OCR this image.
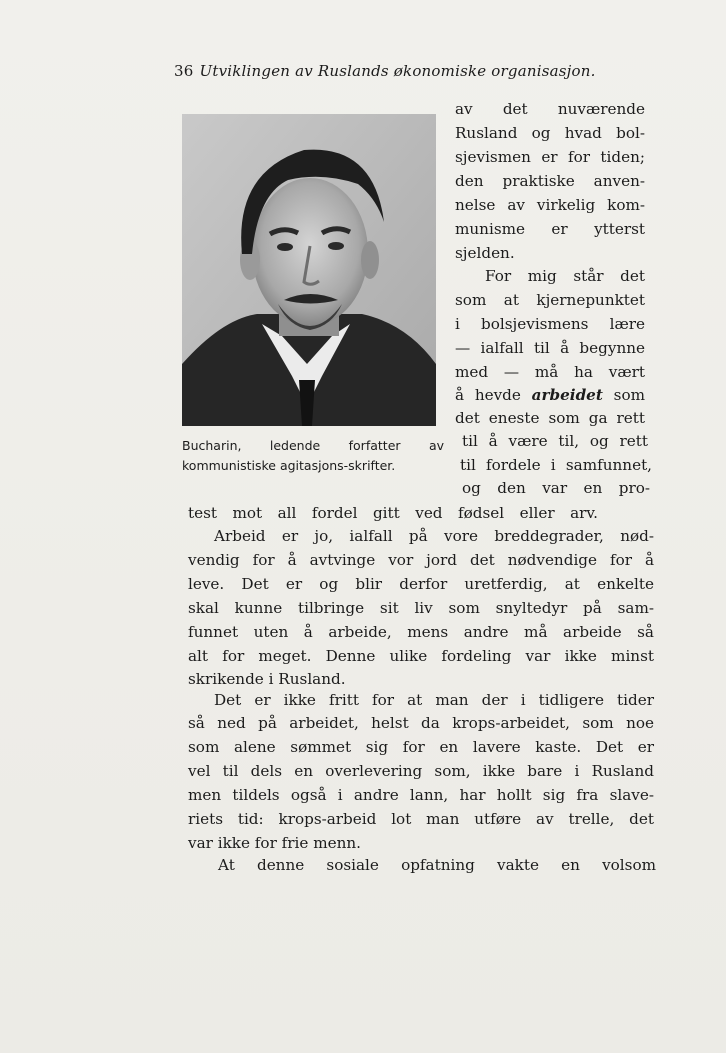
36 Utviklingen av Ruslands økonomiske organisasjon.
Bucharin, ledende forfatter av
kommunistiske agitasjons-skrifter.
av det nuværende
Rusland og hvad bol-
sjevismen er for tiden;
den praktiske anven-
nelse av virkelig kom-
munisme er ytterst
sjelden.
For mig står det
som at kjernepunktet
i bolsjevismens lære
— ialfall til å begynne
med — må ha vært
å hevde arbeidet som
det eneste som ga rett
til å være til, og rett
til fordele i samfunnet,
og den var en pro-
test mot all fordel gitt ved fødsel eller arv.
Arbeid er jo, ialfall på vore breddegrader, nød-
vendig for å avtvinge vor jord det nødvendige for å
leve. Det er og blir derfor uretferdig, at enkelte
skal kunne tilbringe sit liv som snyltedyr på sam-
funnet uten å arbeide, mens andre må arbeide så
alt for meget. Denne ulike fordeling var ikke minst
skrikende i Rusland.
Det er ikke fritt for at man der i tidligere tider
så ned på arbeidet, helst da krops-arbeidet, som noe
som alene sømmet sig for en lavere kaste. Det er
vel til dels en overlevering som, ikke bare i Rusland
men tildels også i andre lann, har hollt sig fra slave-
riets tid: krops-arbeid lot man utføre av trelle, det
var ikke for frie menn.
At denne sosiale opfatning vakte en volsom
